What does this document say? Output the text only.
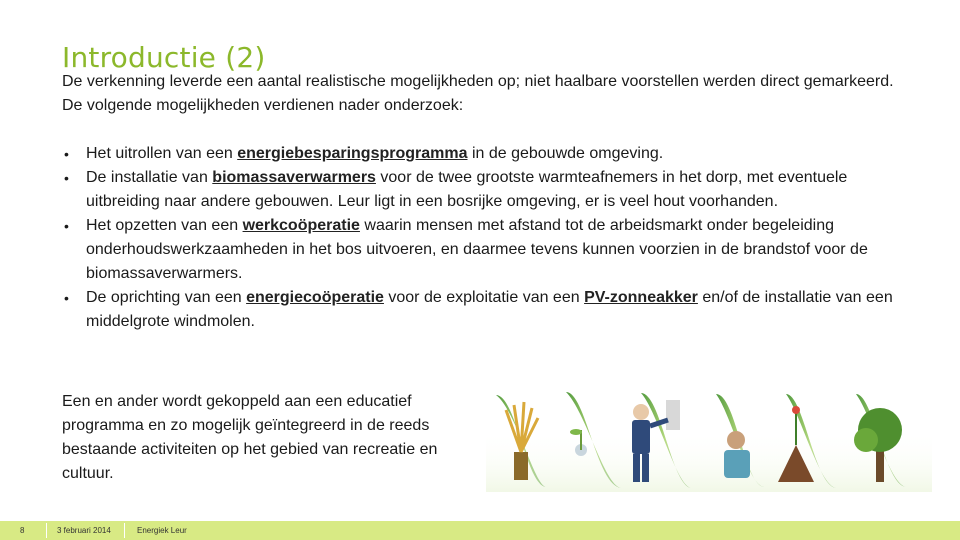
Introductie (2)
De verkenning leverde een aantal realistische mogelijkheden op; niet haalbare voorstellen werden direct gemarkeerd. De volgende mogelijkheden verdienen nader onderzoek:
• Het uitrollen van een energiebesparingsprogramma in de gebouwde omgeving.
• De installatie van biomassaverwarmers voor de twee grootste warmteafnemers in het dorp, met eventuele uitbreiding naar andere gebouwen. Leur ligt in een bosrijke omgeving, er is veel hout voorhanden.
• Het opzetten van een werkcoöperatie waarin mensen met afstand tot de arbeidsmarkt onder begeleiding onderhoudswerkzaamheden in het bos uitvoeren, en daarmee tevens kunnen voorzien in de brandstof voor de biomassaverwarmers.
• De oprichting van een energiecoöperatie voor de exploitatie van een PV-zonneakker en/of de installatie van een middelgrote windmolen.
Een en ander wordt gekoppeld aan een educatief programma en zo mogelijk geïntegreerd in de reeds bestaande activiteiten op het gebied van recreatie en cultuur.
8	3 februari 2014	Energiek Leur
